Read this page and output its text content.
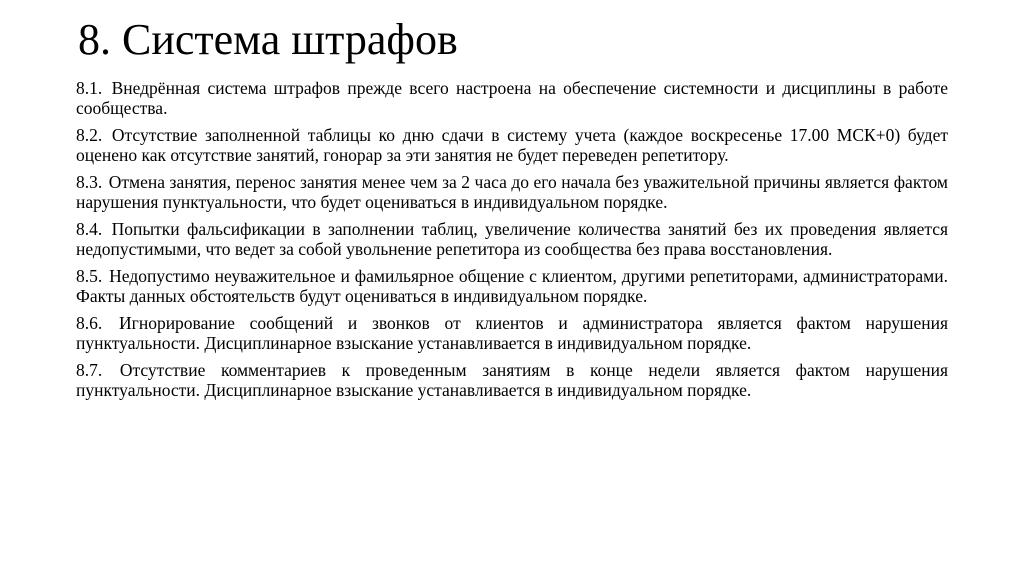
8. Система штрафов

8.1. Внедрённая система штрафов прежде всего настроена на обеспечение системности и дисциплины в работе сообщества.

8.2. Отсутствие заполненной таблицы ко дню сдачи в систему учета (каждое воскресенье 17.00 МСК+0) будет оценено как отсутствие занятий, гонорар за эти занятия не будет переведен репетитору.

8.3. Отмена занятия, перенос занятия менее чем за 2 часа до его начала без уважительной причины является фактом нарушения пунктуальности, что будет оцениваться в индивидуальном порядке.

8.4. Попытки фальсификации в заполнении таблиц, увеличение количества занятий без их проведения является недопустимыми, что ведет за собой увольнение репетитора из сообщества без права восстановления.

8.5. Недопустимо неуважительное и фамильярное общение с клиентом, другими репетиторами, администраторами. Факты данных обстоятельств будут оцениваться в индивидуальном порядке.

8.6. Игнорирование сообщений и звонков от клиентов и администратора является фактом нарушения пунктуальности. Дисциплинарное взыскание устанавливается в индивидуальном порядке.

8.7. Отсутствие комментариев к проведенным занятиям в конце недели является фактом нарушения пунктуальности. Дисциплинарное взыскание устанавливается в индивидуальном порядке.
